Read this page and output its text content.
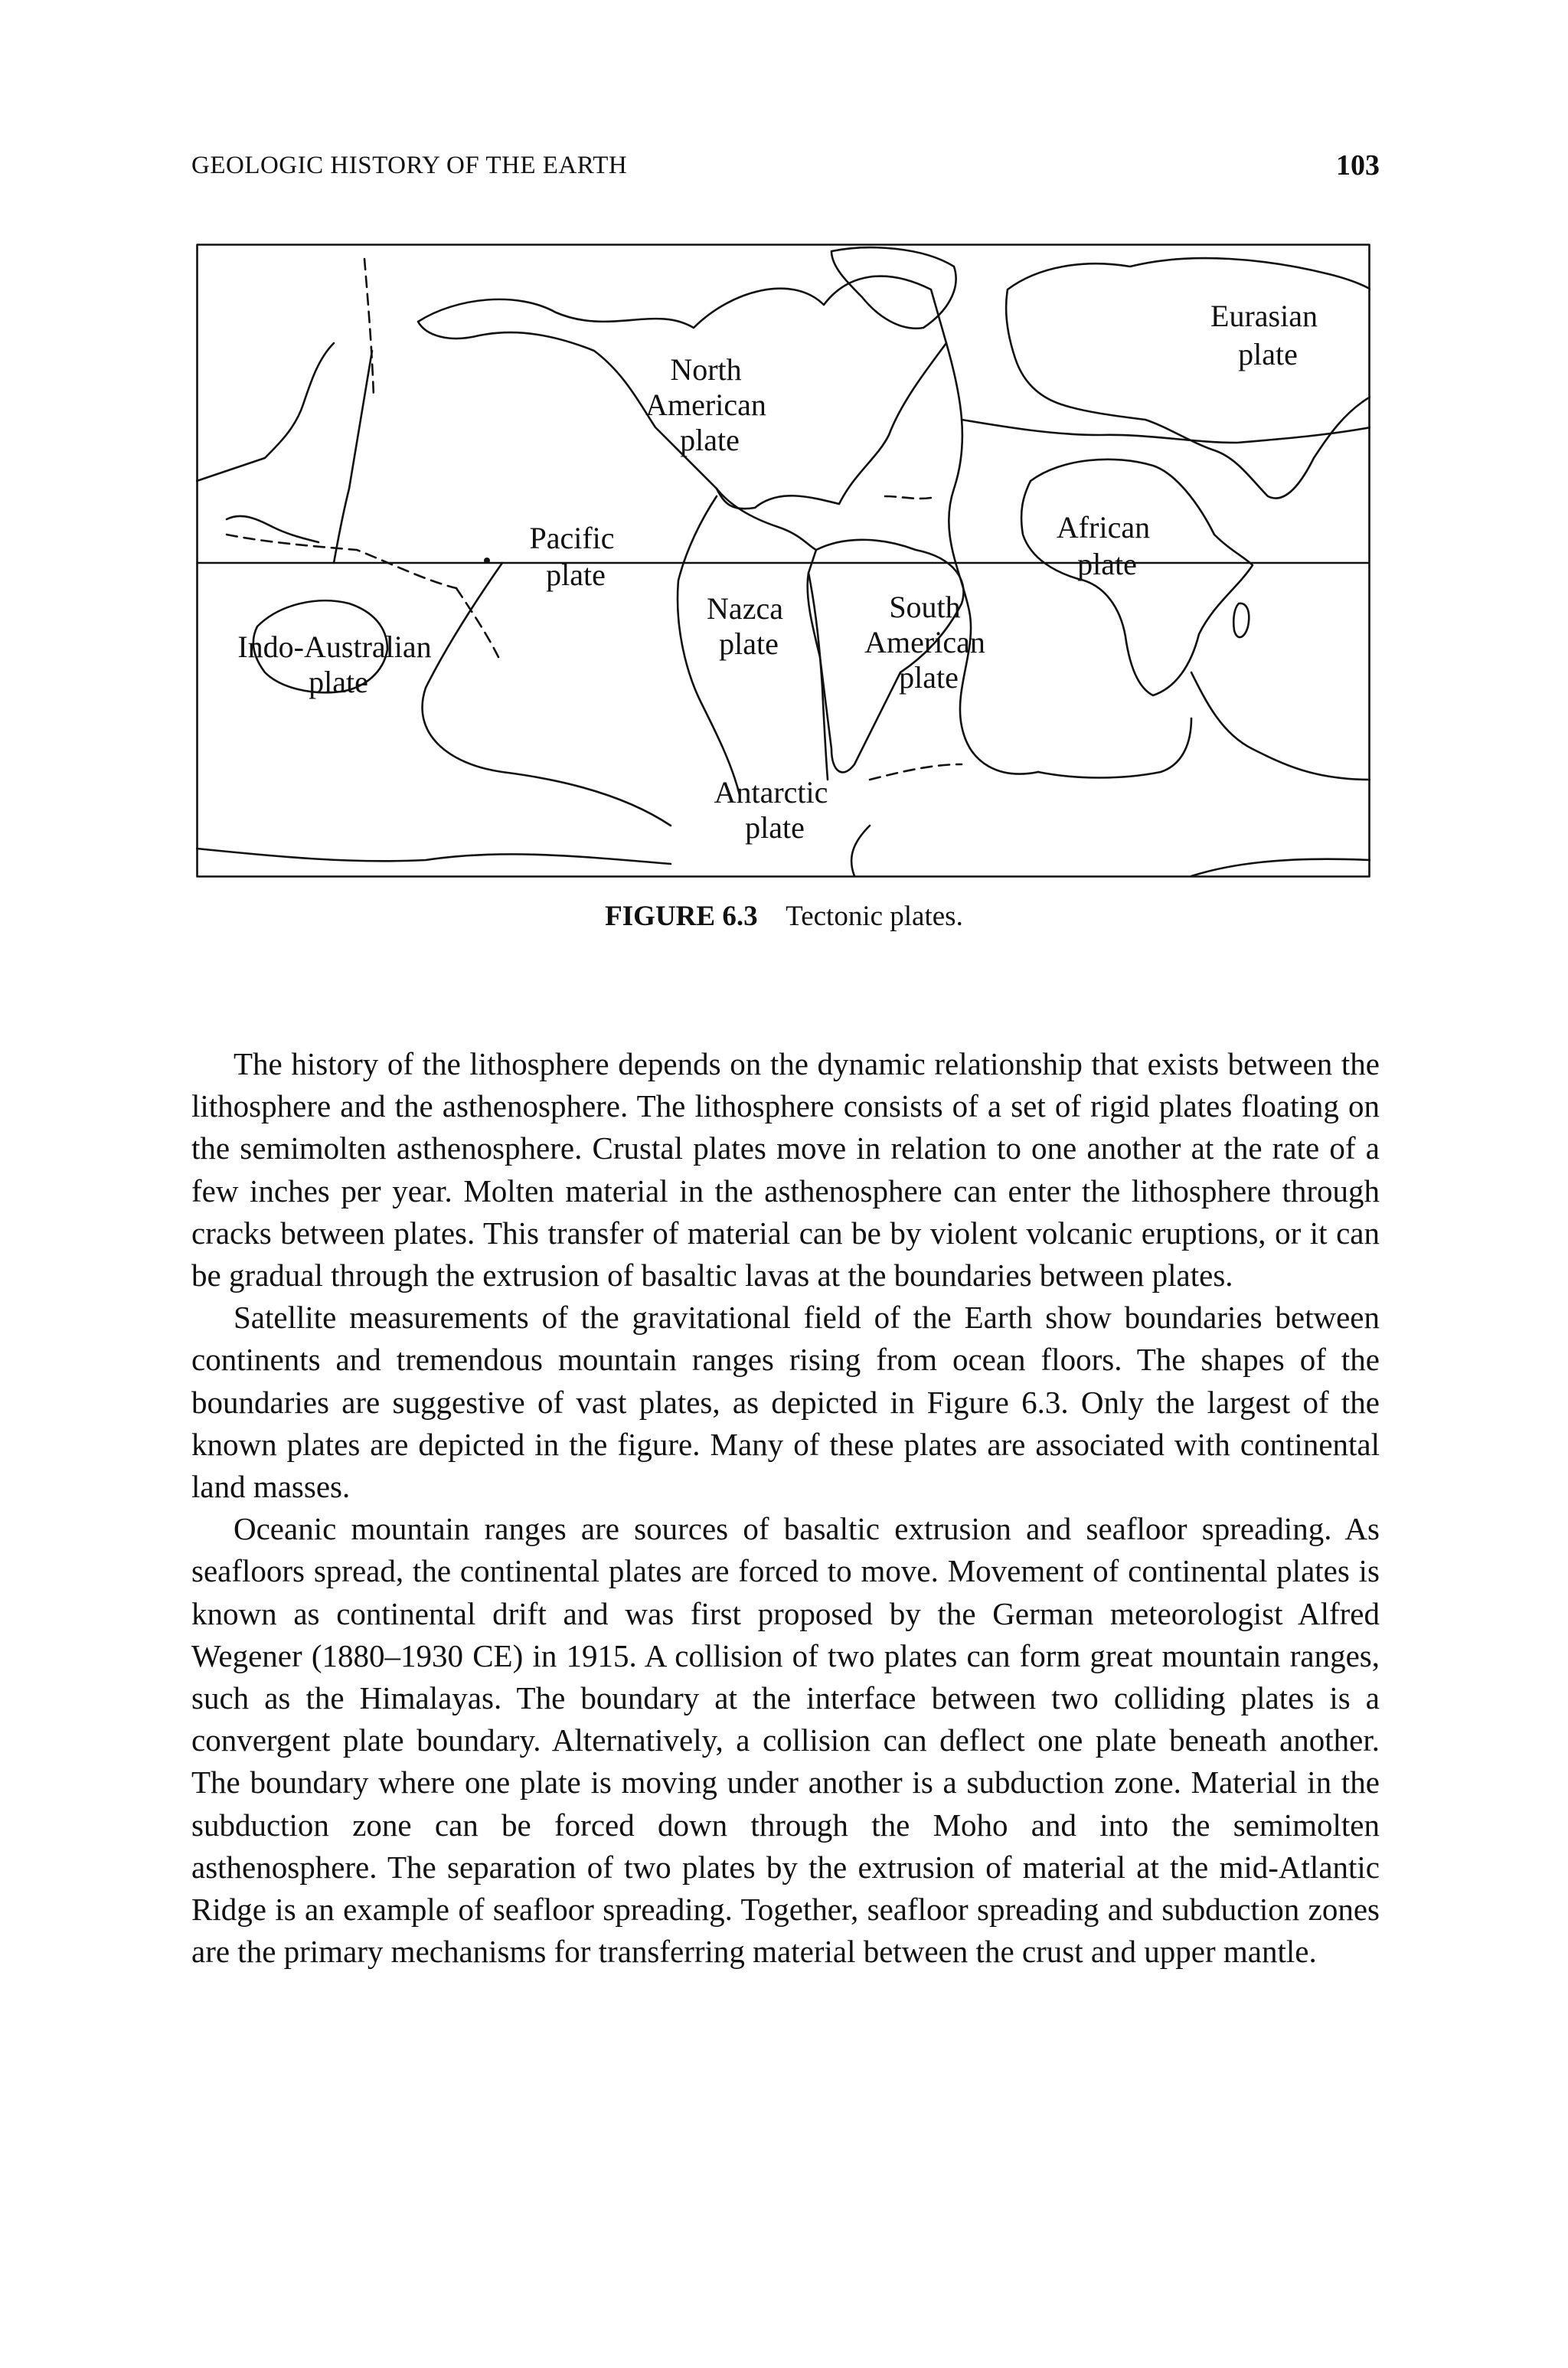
GEOLOGIC HISTORY OF THE EARTH	103
Eurasian plate
North American plate
Pacific plate
African plate
Nazca plate
South American plate
Indo-Australian plate
Antarctic plate
FIGURE 6.3 Tectonic plates.

The history of the lithosphere depends on the dynamic relationship that exists between the lithosphere and the asthenosphere. The lithosphere consists of a set of rigid plates floating on the semimolten asthenosphere. Crustal plates move in relation to one another at the rate of a few inches per year. Molten material in the asthenosphere can enter the lithosphere through cracks between plates. This transfer of material can be by violent volcanic eruptions, or it can be gradual through the extrusion of basaltic lavas at the boundaries between plates.

Satellite measurements of the gravitational field of the Earth show boundaries between continents and tremendous mountain ranges rising from ocean floors. The shapes of the boundaries are suggestive of vast plates, as depicted in Figure 6.3. Only the largest of the known plates are depicted in the figure. Many of these plates are associated with continental land masses.

Oceanic mountain ranges are sources of basaltic extrusion and seafloor spreading. As seafloors spread, the continental plates are forced to move. Movement of continental plates is known as continental drift and was first proposed by the German meteorologist Alfred Wegener (1880–1930 CE) in 1915. A collision of two plates can form great mountain ranges, such as the Himalayas. The boundary at the interface between two colliding plates is a convergent plate boundary. Alternatively, a collision can deflect one plate beneath another. The boundary where one plate is moving under another is a subduction zone. Material in the subduction zone can be forced down through the Moho and into the semimolten asthenosphere. The separation of two plates by the extrusion of material at the mid-Atlantic Ridge is an example of seafloor spreading. Together, seafloor spreading and subduction zones are the primary mechanisms for transferring material between the crust and upper mantle.
